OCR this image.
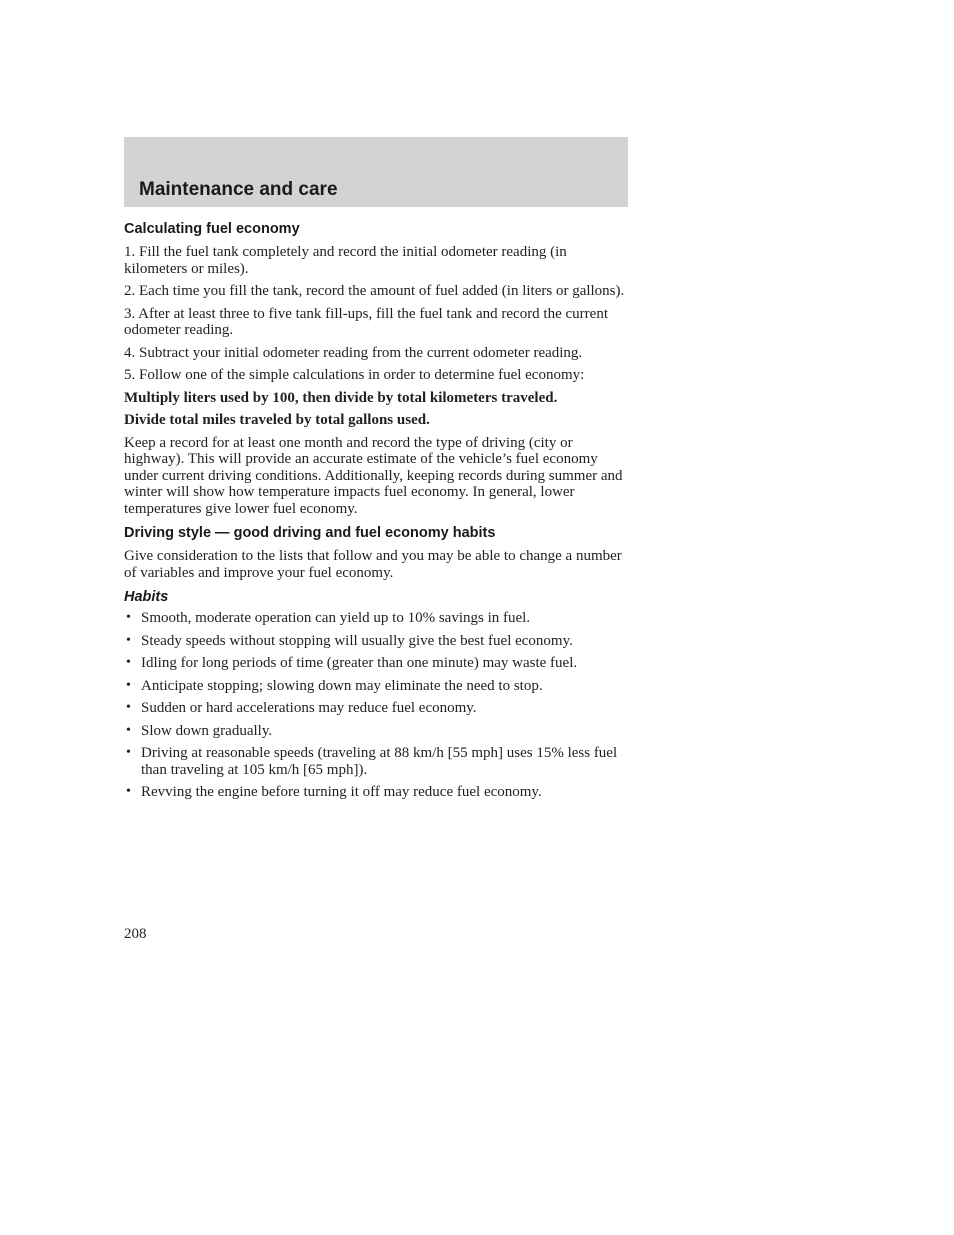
Maintenance and care
Calculating fuel economy

1. Fill the fuel tank completely and record the initial odometer reading (in kilometers or miles).

2. Each time you fill the tank, record the amount of fuel added (in liters or gallons).

3. After at least three to five tank fill-ups, fill the fuel tank and record the current odometer reading.

4. Subtract your initial odometer reading from the current odometer reading.

5. Follow one of the simple calculations in order to determine fuel economy:

Multiply liters used by 100, then divide by total kilometers traveled.

Divide total miles traveled by total gallons used.

Keep a record for at least one month and record the type of driving (city or highway). This will provide an accurate estimate of the vehicle’s fuel economy under current driving conditions. Additionally, keeping records during summer and winter will show how temperature impacts fuel economy. In general, lower temperatures give lower fuel economy.

Driving style — good driving and fuel economy habits

Give consideration to the lists that follow and you may be able to change a number of variables and improve your fuel economy.

Habits
• Smooth, moderate operation can yield up to 10% savings in fuel.
• Steady speeds without stopping will usually give the best fuel economy.
• Idling for long periods of time (greater than one minute) may waste fuel.
• Anticipate stopping; slowing down may eliminate the need to stop.
• Sudden or hard accelerations may reduce fuel economy.
• Slow down gradually.
• Driving at reasonable speeds (traveling at 88 km/h [55 mph] uses 15% less fuel than traveling at 105 km/h [65 mph]).
• Revving the engine before turning it off may reduce fuel economy.
208
